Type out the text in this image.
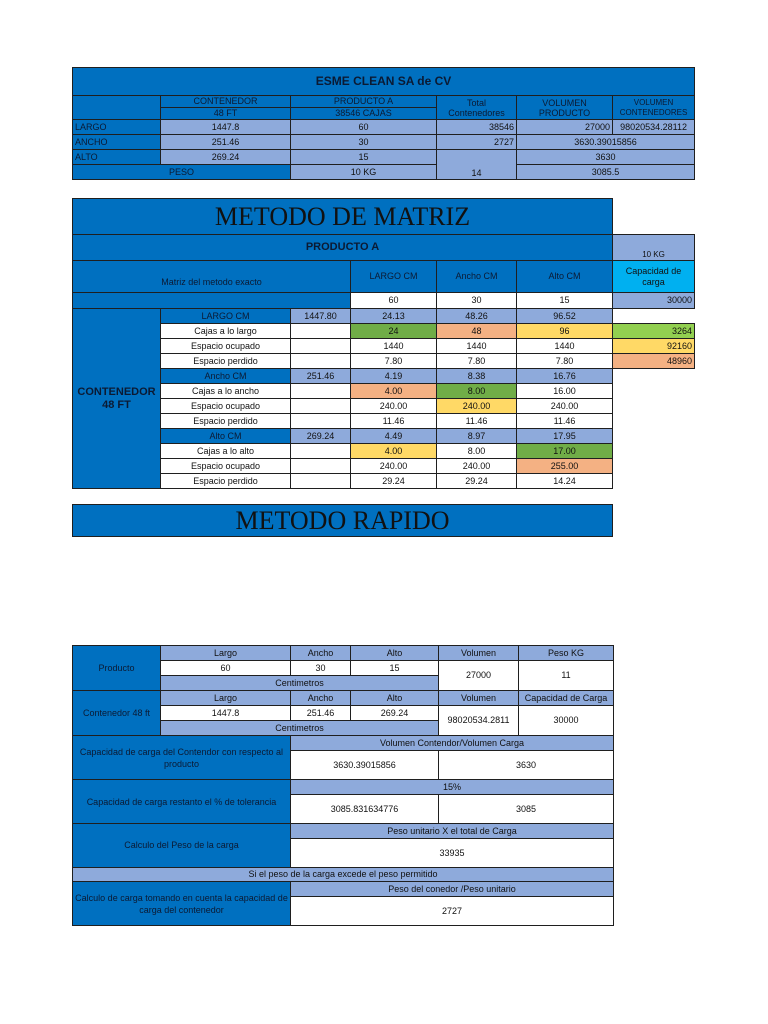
ESME CLEAN SA de CV					
	CONTENEDOR	PRODUCTO A	Total Contenedores	VOLUMEN PRODUCTO	VOLUMEN CONTENEDORES
	48 FT	38546 CAJAS			
LARGO	1447.8	60	38546	27000	98020534.28112
ANCHO	251.46	30	2727	3630.39015856	
ALTO	269.24	15	14	3630	
PESO		10 KG		3085.5	
METODO DE MATRIZ						
PRODUCTO A						10 KG
Matriz del metodo exacto			LARGO CM	Ancho CM	Alto CM	Capacidad de carga
			60	30	15	30000
CONTENEDOR 48 FT	LARGO CM	1447.80	24.13	48.26	96.52	
	Cajas a lo largo		24	48	96	3264
	Espacio ocupado		1440	1440	1440	92160
	Espacio perdido		7.80	7.80	7.80	48960
	Ancho CM	251.46	4.19	8.38	16.76	
	Cajas a lo ancho		4.00	8.00	16.00	
	Espacio ocupado		240.00	240.00	240.00	
	Espacio perdido		11.46	11.46	11.46	
	Alto CM	269.24	4.49	8.97	17.95	
	Cajas a lo alto		4.00	8.00	17.00	
	Espacio ocupado		240.00	240.00	255.00	
	Espacio perdido		29.24	29.24	14.24	
METODO RAPIDO
Producto	Largo	Ancho	Alto	Volumen	Peso KG
	60	30	15	27000	11
	Centimetros				
Contenedor 48 ft	Largo	Ancho	Alto	Volumen	Capacidad de Carga
	1447.8	251.46	269.24	98020534.2811	30000
	Centimetros				
Capacidad de carga del Contendor con respecto al producto		Volumen Contendor/Volumen Carga			
		3630.39015856		3630	
Capacidad de carga restanto el % de tolerancia		15%			
		3085.831634776		3085	
Calculo del Peso de la carga		Peso unitario X el total de Carga			
		33935			
Si el peso de la carga excede el peso permitido					
Calculo de carga tomando en cuenta la capacidad de carga del contenedor		Peso del conedor /Peso unitario			
		2727			
